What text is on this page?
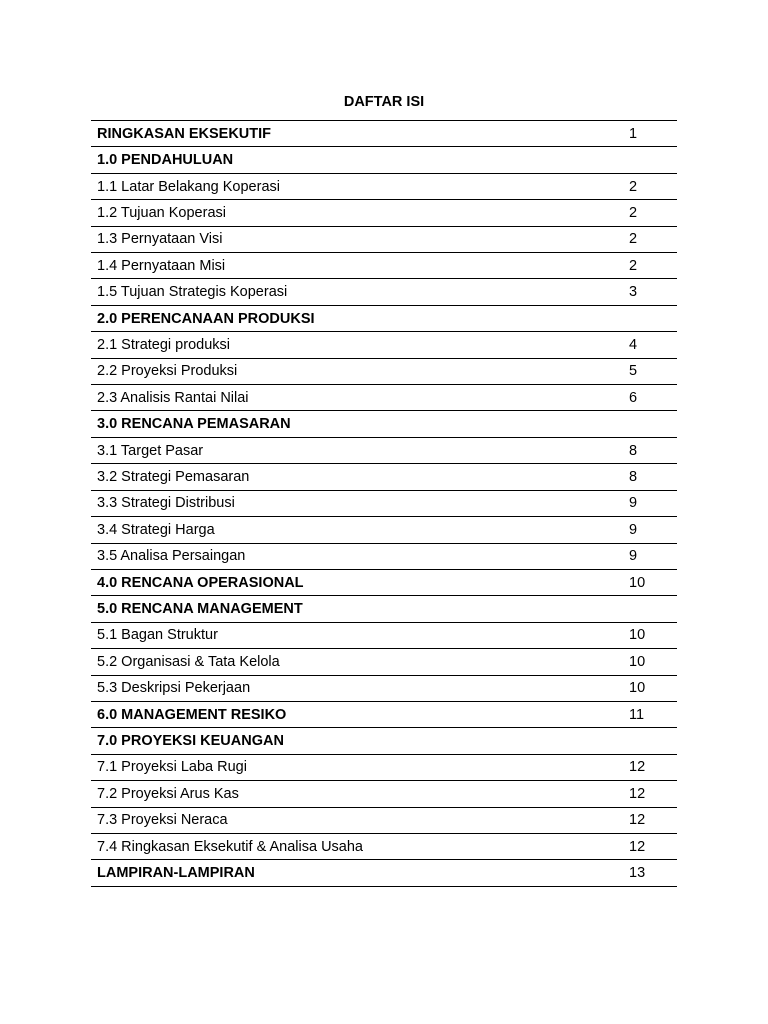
DAFTAR ISI
RINGKASAN EKSEKUTIF	1
1.0 PENDAHULUAN
1.1 Latar Belakang Koperasi	2
1.2 Tujuan Koperasi	2
1.3 Pernyataan Visi	2
1.4 Pernyataan Misi	2
1.5 Tujuan Strategis Koperasi	3
2.0 PERENCANAAN PRODUKSI
2.1 Strategi produksi	4
2.2 Proyeksi Produksi	5
2.3 Analisis Rantai Nilai	6
3.0 RENCANA PEMASARAN
3.1 Target Pasar	8
3.2 Strategi Pemasaran	8
3.3 Strategi Distribusi	9
3.4 Strategi Harga	9
3.5 Analisa Persaingan	9
4.0 RENCANA OPERASIONAL	10
5.0 RENCANA MANAGEMENT
5.1 Bagan Struktur	10
5.2 Organisasi & Tata Kelola	10
5.3 Deskripsi Pekerjaan	10
6.0 MANAGEMENT RESIKO	11
7.0 PROYEKSI KEUANGAN
7.1 Proyeksi Laba Rugi	12
7.2 Proyeksi Arus Kas	12
7.3 Proyeksi Neraca	12
7.4 Ringkasan Eksekutif & Analisa Usaha	12
LAMPIRAN-LAMPIRAN	13
